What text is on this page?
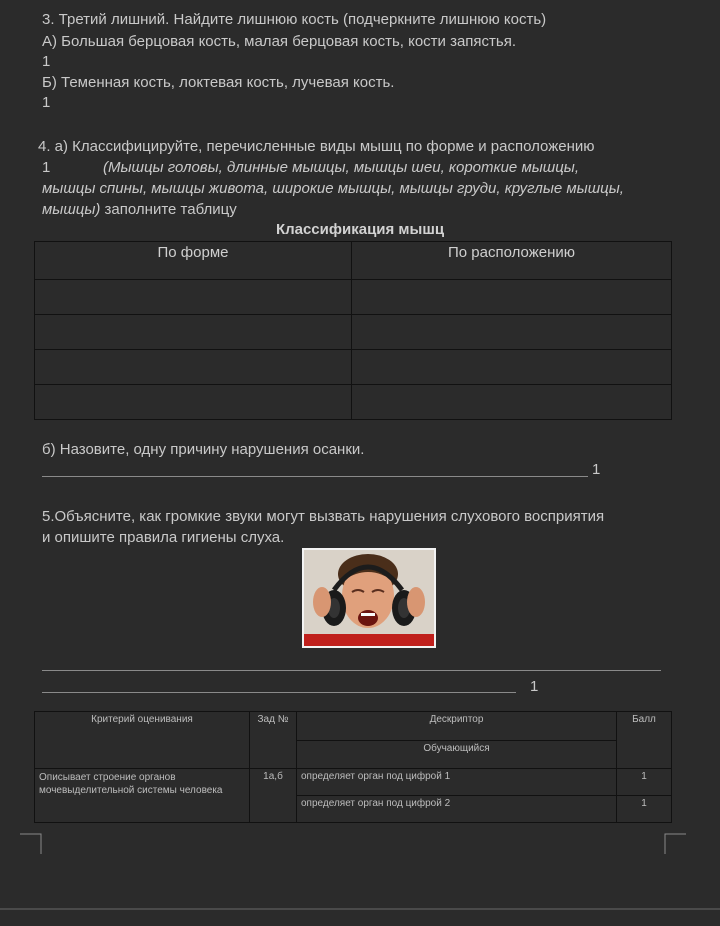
3. Третий лишний. Найдите лишнюю кость (подчеркните лишнюю кость)
А) Большая берцовая кость, малая берцовая кость, кости запястья.
1
Б) Теменная кость, локтевая кость, лучевая кость.
1
4. а) Классифицируйте, перечисленные виды мышц по форме и расположению
1	(Мышцы головы, длинные мышцы, мышцы шеи, короткие мышцы,
мышцы спины, мышцы живота, широкие мышцы, мышцы груди, круглые мышцы,
мышцы) заполните таблицу
Классификация мышц
По форме	По расположению

б) Назовите, одну причину нарушения осанки.
1
5.Объясните, как громкие звуки могут вызвать нарушения слухового восприятия
и опишите правила гигиены слуха.
1
Критерий оценивания	Зад №	Дескриптор	Балл
		Обучающийся	
Описывает строение органов мочевыделительной системы человека	1а,б	определяет орган под цифрой 1	1
		определяет орган под цифрой 2	1
